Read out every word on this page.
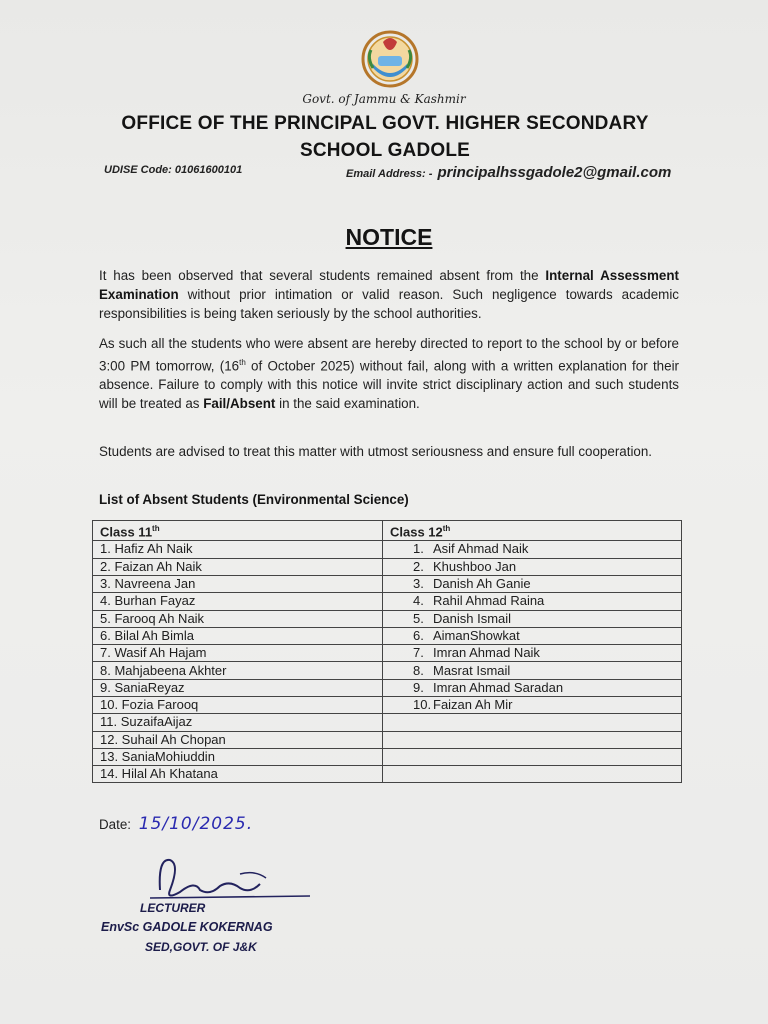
Govt. of Jammu & Kashmir
OFFICE OF THE PRINCIPAL GOVT. HIGHER SECONDARY
SCHOOL GADOLE
UDISE Code: 01061600101	Email Address: - principalhssgadole2@gmail.com
NOTICE
It has been observed that several students remained absent from the Internal Assessment Examination without prior intimation or valid reason. Such negligence towards academic responsibilities is being taken seriously by the school authorities.
As such all the students who were absent are hereby directed to report to the school by or before 3:00 PM tomorrow, (16th of October 2025) without fail, along with a written explanation for their absence. Failure to comply with this notice will invite strict disciplinary action and such students will be treated as Fail/Absent in the said examination.
Students are advised to treat this matter with utmost seriousness and ensure full cooperation.
List of Absent Students (Environmental Science)
Class 11th	Class 12th
1. Hafiz Ah Naik	1. Asif Ahmad Naik
2. Faizan Ah Naik	2. Khushboo Jan
3. Navreena Jan	3. Danish Ah Ganie
4. Burhan Fayaz	4. Rahil Ahmad Raina
5. Farooq Ah Naik	5. Danish Ismail
6. Bilal Ah Bimla	6. AimanShowkat
7. Wasif Ah Hajam	7. Imran Ahmad Naik
8. Mahjabeena Akhter	8. Masrat Ismail
9. SaniaReyaz	9. Imran Ahmad Saradan
10. Fozia Farooq	10. Faizan Ah Mir
11. SuzaifaAijaz	
12. Suhail Ah Chopan	
13. SaniaMohiuddin	
14. Hilal Ah Khatana	
Date: 15/10/2025.
LECTURER
EnvSc GADOLE KOKERNAG
SED,GOVT. OF J&K
